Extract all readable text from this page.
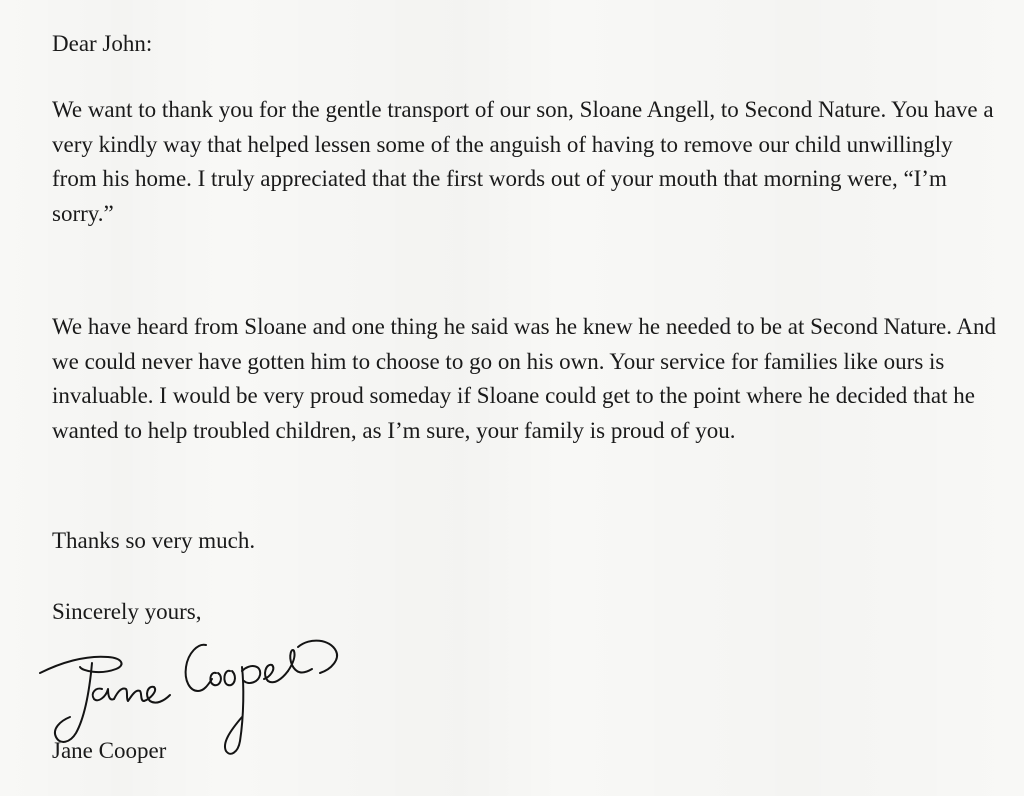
Dear John:

We want to thank you for the gentle transport of our son, Sloane Angell, to Second Nature. You have a very kindly way that helped lessen some of the anguish of having to remove our child unwillingly from his home. I truly appreciated that the first words out of your mouth that morning were, “I’m sorry.”

We have heard from Sloane and one thing he said was he knew he needed to be at Second Nature. And we could never have gotten him to choose to go on his own. Your service for families like ours is invaluable. I would be very proud someday if Sloane could get to the point where he decided that he wanted to help troubled children, as I’m sure, your family is proud of you.

Thanks so very much.

Sincerely yours,

Jane Cooper
